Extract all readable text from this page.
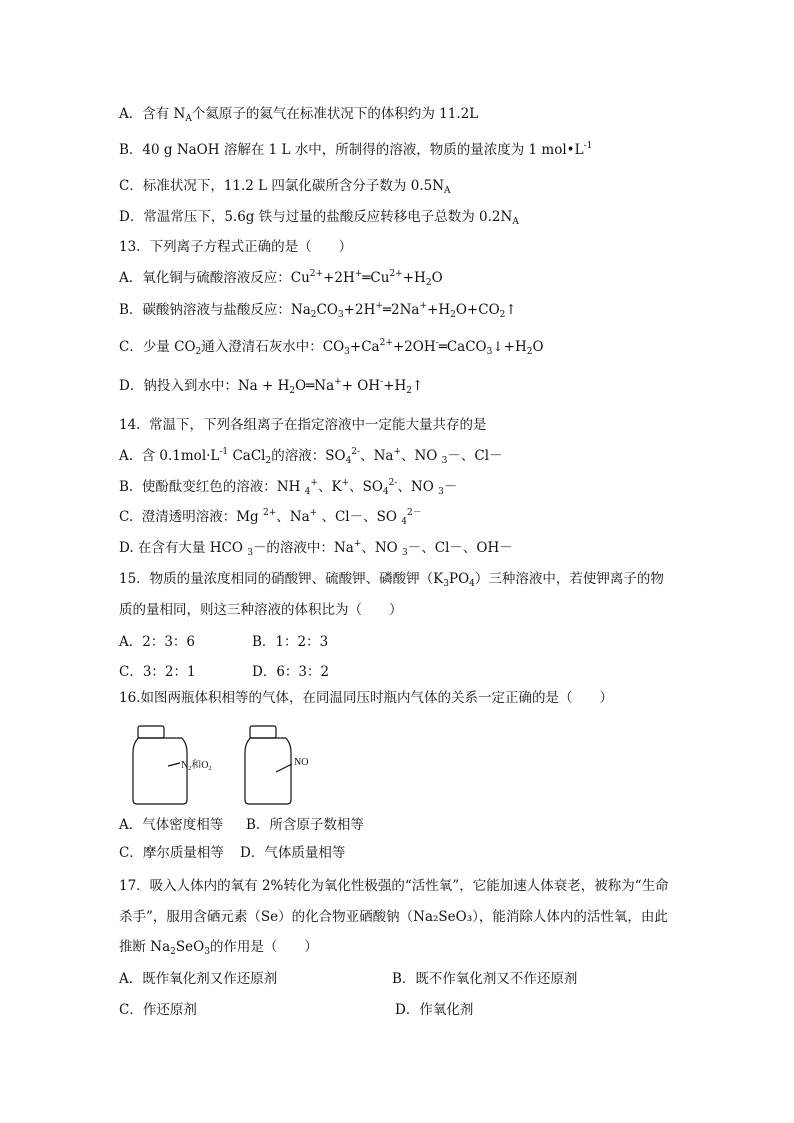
A．含有 $N_A$个氦原子的氦气在标准状况下的体积约为 11.2L
B．40 g NaOH 溶解在 1 L 水中，所制得的溶液，物质的量浓度为 1 $mol•L^{-1}$
C．标准状况下，11.2 L 四氯化碳所含分子数为 $0.5N_A$
D．常温常压下，5.6g 铁与过量的盐酸反应转移电子总数为 $0.2N_A$
13．下列离子方程式正确的是（　　）
A．氧化铜与硫酸溶液反应：$Cu^{2+}+2H^+═Cu^{2+}+H_2O$
B．碳酸钠溶液与盐酸反应：$Na_2CO_3+2H^+═2Na^++H_2O+CO_2↑$
C．少量 $CO_2$通入澄清石灰水中：$CO_3+Ca^{2+}+2OH^-═CaCO_3↓+H_2O$
D．钠投入到水中：$Na + H_2O═Na^++$ $OH^-+H_2↑$
14.  常温下，下列各组离子在指定溶液中一定能大量共存的是
A.  含 $0.1mol\cdot L^{-1}$ CaCl$_2$的溶液：$SO_4^{2-}$、Na+、NO $_3$－、Cl－
B.  使酚酞变红色的溶液：NH $_4$+、K+、$SO_4^{2-}$、NO $_3$－
C.  澄清透明溶液：Mg $^{2+}$、Na+ 、Cl－、SO $_4^{2-}$
D. 在含有大量 HCO $_3$－的溶液中：Na+、NO $_3$－、Cl－、OH－
15．物质的量浓度相同的硝酸钾、硫酸钾、磷酸钾$(K_3PO_4)$三种溶液中，若使钾离子的物
质的量相同，则这三种溶液的体积比为（　　）
A．2：3：6	B．1：2：3
C．3：2：1	D．6：3：2
16.如图两瓶体积相等的气体，在同温同压时瓶内气体的关系一定正确的是（　　）
$N_2$和$O_2$
NO
A．气体密度相等 B．所含原子数相等
C．摩尔质量相等 D．气体质量相等
17．吸入人体内的氧有 2%转化为氧化性极强的“活性氧”，它能加速人体衰老，被称为“生命
杀手”，服用含硒元素（Se）的化合物亚硒酸钠（Na₂SeO₃），能消除人体内的活性氧，由此
推断 $Na_2SeO_3$的作用是（　　）
A．既作氧化剂又作还原剂	B．既不作氧化剂又不作还原剂
C．作还原剂	D．作氧化剂
